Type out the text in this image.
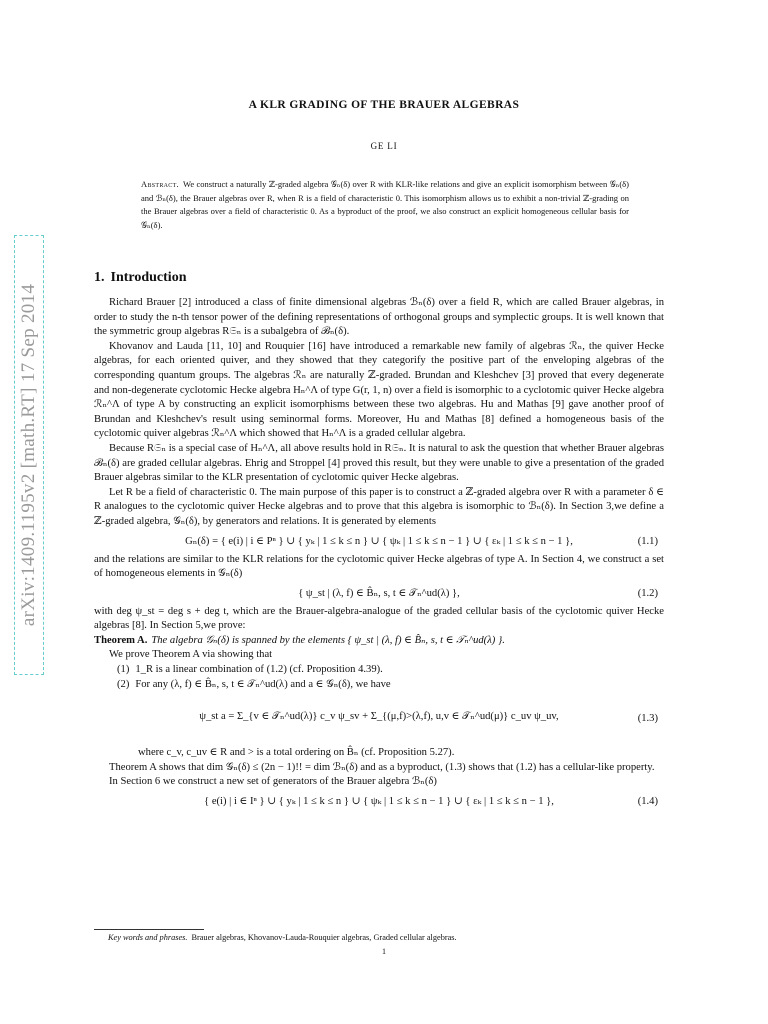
arXiv:1409.1195v2 [math.RT] 17 Sep 2014
A KLR GRADING OF THE BRAUER ALGEBRAS
GE LI
Abstract. We construct a naturally ℤ-graded algebra 𝒢ₙ(δ) over R with KLR-like relations and give an explicit isomorphism between 𝒢ₙ(δ) and ℬₙ(δ), the Brauer algebras over R, when R is a field of characteristic 0. This isomorphism allows us to exhibit a non-trivial ℤ-grading on the Brauer algebras over a field of characteristic 0. As a byproduct of the proof, we also construct an explicit homogeneous cellular basis for 𝒢ₙ(δ).
1. Introduction

Richard Brauer [2] introduced a class of finite dimensional algebras ℬₙ(δ) over a field R, which are called Brauer algebras, in order to study the n-th tensor power of the defining representations of orthogonal groups and symplectic groups. It is well known that the symmetric group algebras R𝔖ₙ is a subalgebra of ℬₙ(δ).

Khovanov and Lauda [11, 10] and Rouquier [16] have introduced a remarkable new family of algebras ℛₙ, the quiver Hecke algebras, for each oriented quiver, and they showed that they categorify the positive part of the enveloping algebras of the corresponding quantum groups. The algebras ℛₙ are naturally ℤ-graded. Brundan and Kleshchev [3] proved that every degenerate and non-degenerate cyclotomic Hecke algebra Hₙ^Λ of type G(r, 1, n) over a field is isomorphic to a cyclotomic quiver Hecke algebra ℛₙ^Λ of type A by constructing an explicit isomorphisms between these two algebras. Hu and Mathas [9] gave another proof of Brundan and Kleshchev's result using seminormal forms. Moreover, Hu and Mathas [8] defined a homogeneous basis of the cyclotomic quiver algebras ℛₙ^Λ which showed that Hₙ^Λ is a graded cellular algebra.

Because R𝔖ₙ is a special case of Hₙ^Λ, all above results hold in R𝔖ₙ. It is natural to ask the question that whether Brauer algebras ℬₙ(δ) are graded cellular algebras. Ehrig and Stroppel [4] proved this result, but they were unable to give a presentation of the graded Brauer algebras similar to the KLR presentation of cyclotomic quiver Hecke algebras.

Let R be a field of characteristic 0. The main purpose of this paper is to construct a ℤ-graded algebra over R with a parameter δ ∈ R analogues to the cyclotomic quiver Hecke algebras and to prove that this algebra is isomorphic to ℬₙ(δ). In Section 3,we define a ℤ-graded algebra, 𝒢ₙ(δ), by generators and relations. It is generated by elements

Gₙ(δ) = { e(i) | i ∈ Pⁿ } ∪ { yₖ | 1 ≤ k ≤ n } ∪ { ψₖ | 1 ≤ k ≤ n − 1 } ∪ { εₖ | 1 ≤ k ≤ n − 1 },	(1.1)

and the relations are similar to the KLR relations for the cyclotomic quiver Hecke algebras of type A. In Section 4, we construct a set of homogeneous elements in 𝒢ₙ(δ)

{ ψ_st | (λ, f) ∈ B̂ₙ, s, t ∈ 𝒯ₙ^ud(λ) },	(1.2)

with deg ψ_st = deg s + deg t, which are the Brauer-algebra-analogue of the graded cellular basis of the cyclotomic quiver Hecke algebras [8]. In Section 5,we prove:

Theorem A. The algebra 𝒢ₙ(δ) is spanned by the elements { ψ_st | (λ, f) ∈ B̂ₙ, s, t ∈ 𝒯ₙ^ud(λ) }.

We prove Theorem A via showing that

(1) 1_R is a linear combination of (1.2) (cf. Proposition 4.39).

(2) For any (λ, f) ∈ B̂ₙ, s, t ∈ 𝒯ₙ^ud(λ) and a ∈ 𝒢ₙ(δ), we have

ψ_st a = Σ_{v ∈ 𝒯ₙ^ud(λ)} c_v ψ_sv + Σ_{(μ,f)>(λ,f), u,v ∈ 𝒯ₙ^ud(μ)} c_uv ψ_uv,	(1.3)

where c_v, c_uv ∈ R and > is a total ordering on B̂ₙ (cf. Proposition 5.27).

Theorem A shows that dim 𝒢ₙ(δ) ≤ (2n − 1)!! = dim ℬₙ(δ) and as a byproduct, (1.3) shows that (1.2) has a cellular-like property.

In Section 6 we construct a new set of generators of the Brauer algebra ℬₙ(δ)

{ e(i) | i ∈ Iⁿ } ∪ { yₖ | 1 ≤ k ≤ n } ∪ { ψₖ | 1 ≤ k ≤ n − 1 } ∪ { εₖ | 1 ≤ k ≤ n − 1 },	(1.4)
Key words and phrases. Brauer algebras, Khovanov-Lauda-Rouquier algebras, Graded cellular algebras.
1
